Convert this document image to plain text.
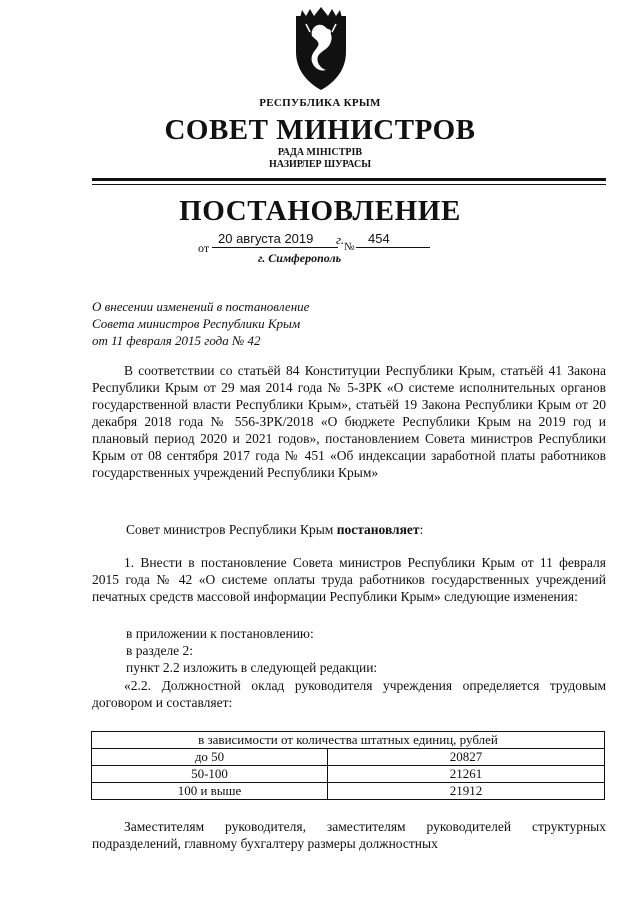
РЕСПУБЛИКА КРЫМ
СОВЕТ МИНИСТРОВ
РАДА МІНІСТРІВ
НАЗИРЛЕР ШУРАСЫ
ПОСТАНОВЛЕНИЕ
от
20 августа 2019	г. №
454
г. Симферополь
О внесении изменений в постановление
Совета министров Республики Крым
от 11 февраля 2015 года № 42

В соответствии со статьёй 84 Конституции Республики Крым, статьёй 41 Закона Республики Крым от 29 мая 2014 года № 5-ЗРК «О системе исполнительных органов государственной власти Республики Крым», статьёй 19 Закона Республики Крым от 20 декабря 2018 года № 556-ЗРК/2018 «О бюджете Республики Крым на 2019 год и плановый период 2020 и 2021 годов», постановлением Совета министров Республики Крым от 08 сентября 2017 года № 451 «Об индексации заработной платы работников государственных учреждений Республики Крым»

Совет министров Республики Крым постановляет:

1. Внести в постановление Совета министров Республики Крым от 11 февраля 2015 года № 42 «О системе оплаты труда работников государственных учреждений печатных средств массовой информации Республики Крым» следующие изменения:

в приложении к постановлению:
в разделе 2:
пункт 2.2 изложить в следующей редакции:

«2.2. Должностной оклад руководителя учреждения определяется трудовым договором и составляет:

в зависимости от количества штатных единиц, рублей	
до 50	20827
50-100	21261
100 и выше	21912

Заместителям руководителя, заместителям руководителей структурных подразделений, главному бухгалтеру размеры должностных
